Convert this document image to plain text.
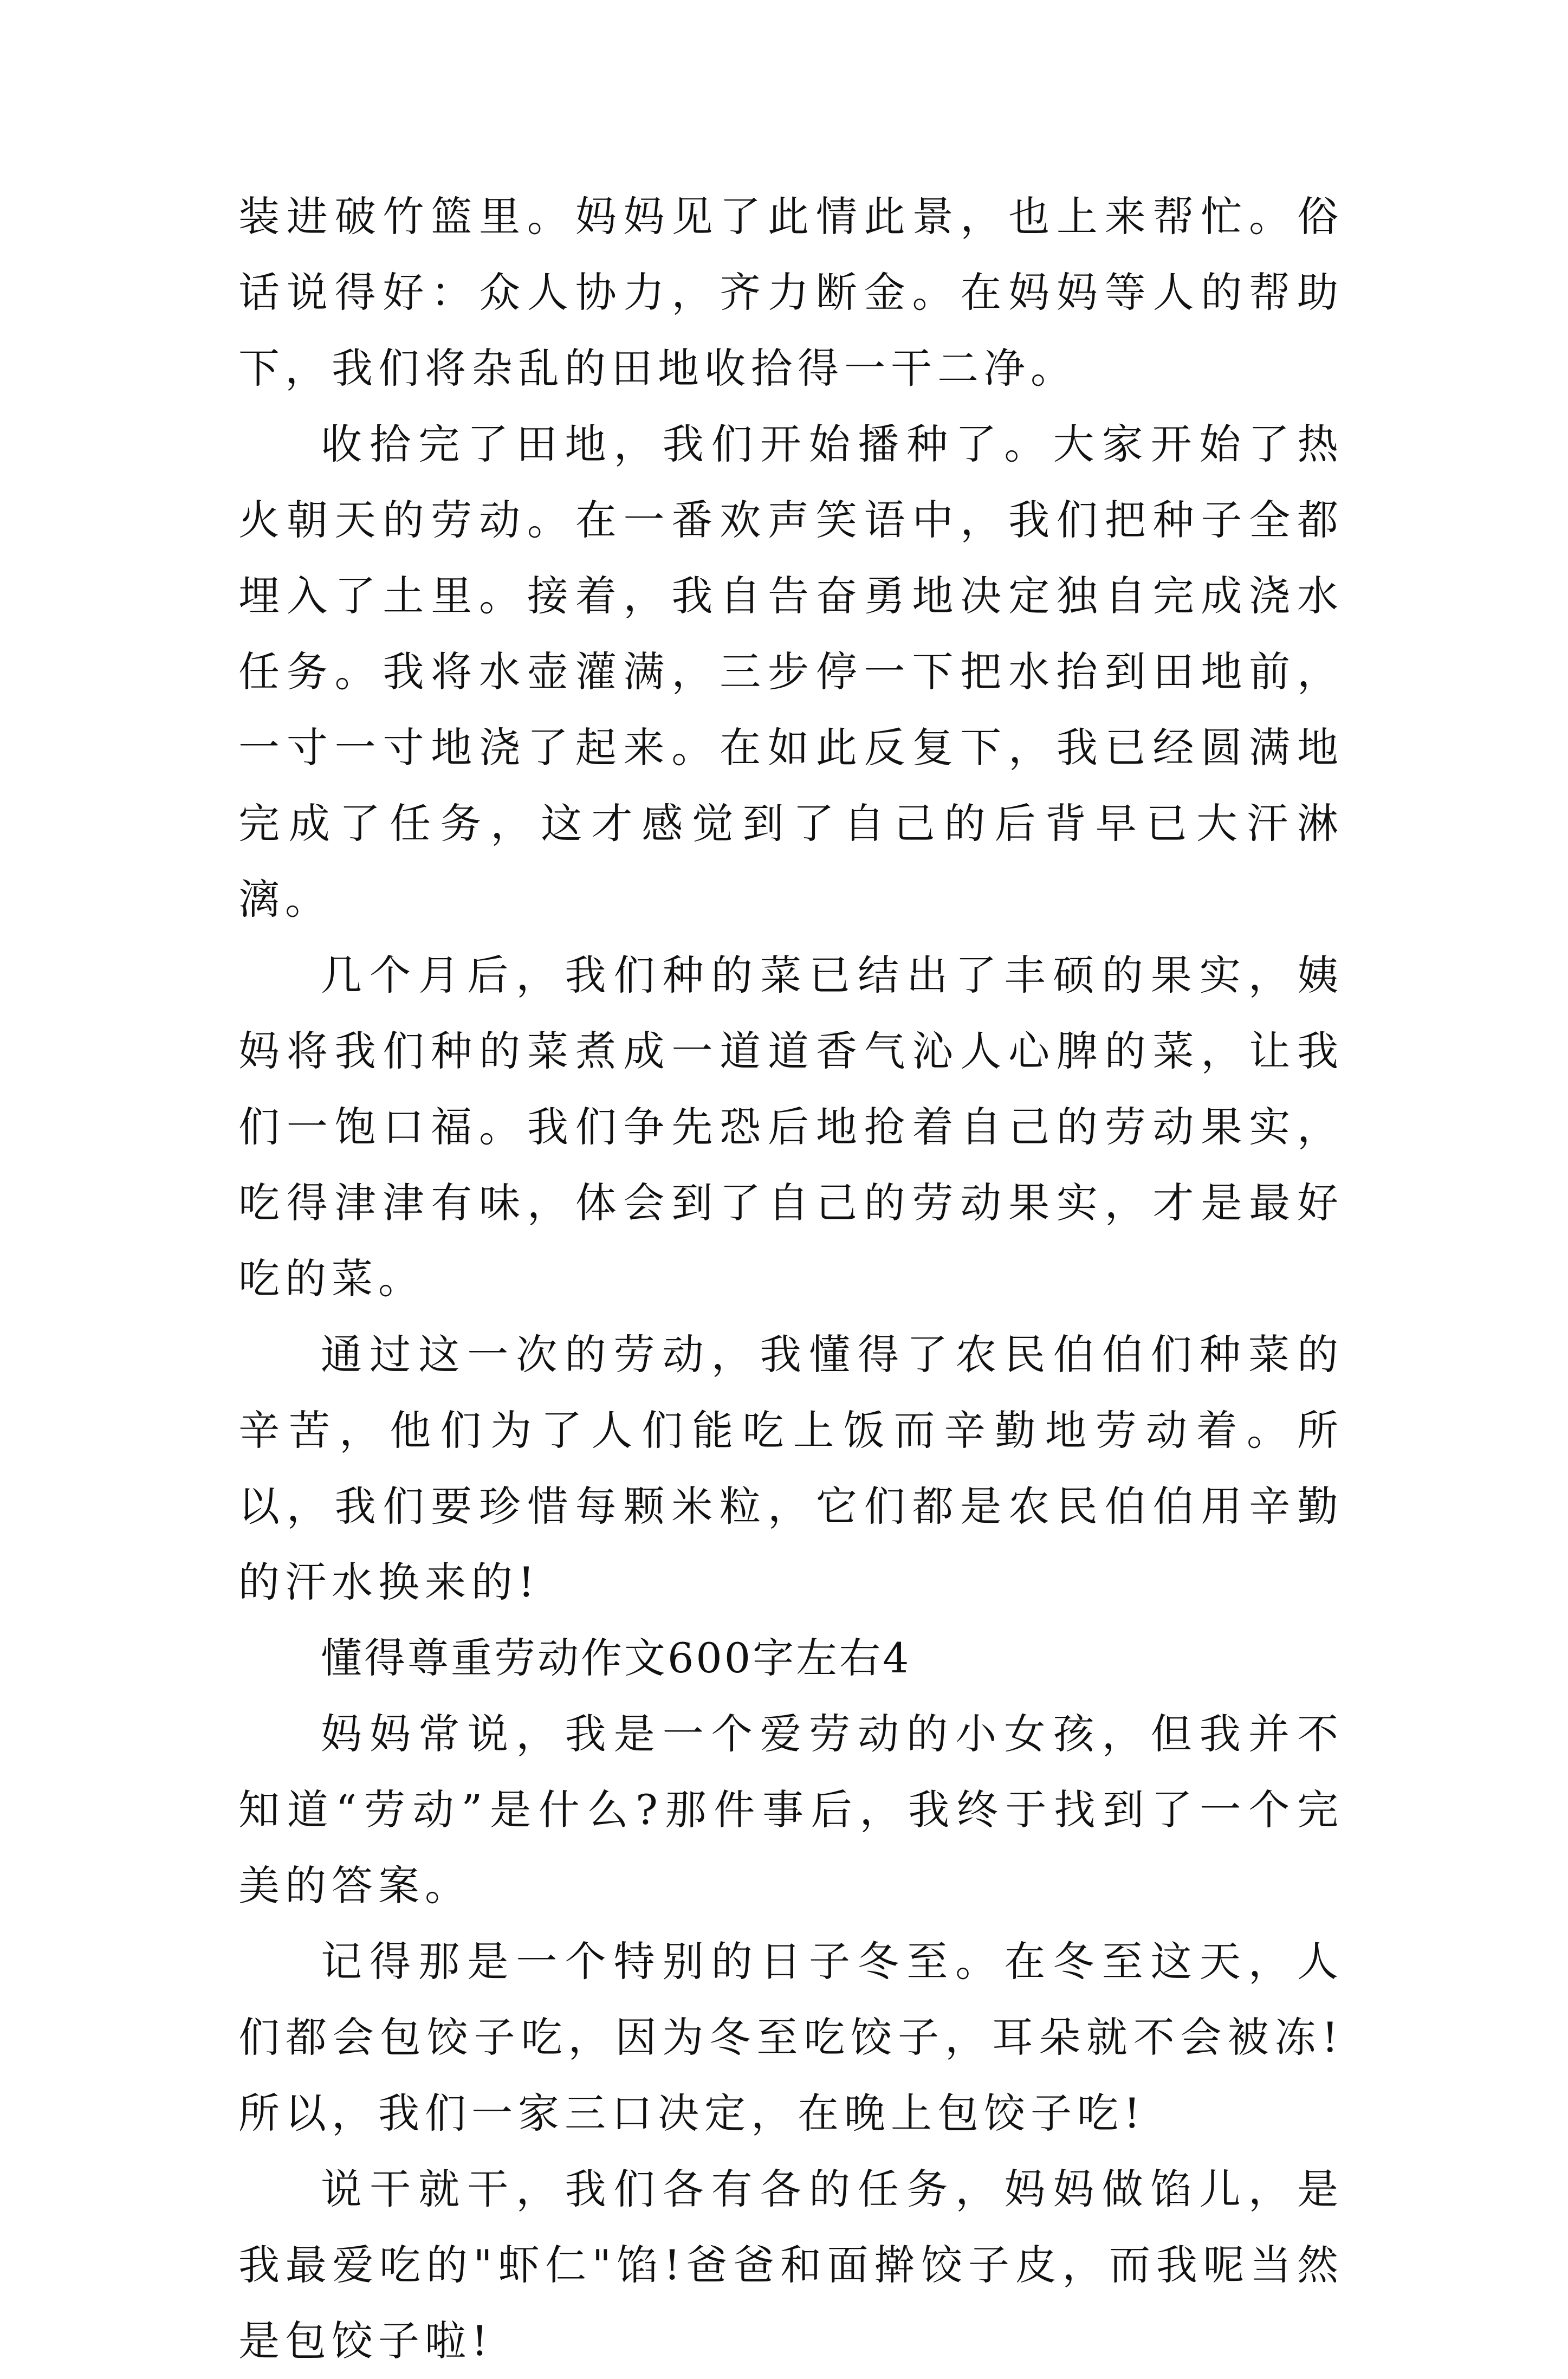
装进破竹篮里。妈妈见了此情此景，也上来帮忙。俗话说得好：众人协力，齐力断金。在妈妈等人的帮助下，我们将杂乱的田地收拾得一干二净。

收拾完了田地，我们开始播种了。大家开始了热火朝天的劳动。在一番欢声笑语中，我们把种子全都埋入了土里。接着，我自告奋勇地决定独自完成浇水任务。我将水壶灌满，三步停一下把水抬到田地前，一寸一寸地浇了起来。在如此反复下，我已经圆满地完成了任务，这才感觉到了自己的后背早已大汗淋漓。

几个月后，我们种的菜已结出了丰硕的果实，姨妈将我们种的菜煮成一道道香气沁人心脾的菜，让我们一饱口福。我们争先恐后地抢着自己的劳动果实，吃得津津有味，体会到了自己的劳动果实，才是最好吃的菜。

通过这一次的劳动，我懂得了农民伯伯们种菜的辛苦，他们为了人们能吃上饭而辛勤地劳动着。所以，我们要珍惜每颗米粒，它们都是农民伯伯用辛勤的汗水换来的!

懂得尊重劳动作文600字左右4

妈妈常说，我是一个爱劳动的小女孩，但我并不知道“劳动”是什么?那件事后，我终于找到了一个完美的答案。

记得那是一个特别的日子冬至。在冬至这天，人们都会包饺子吃，因为冬至吃饺子，耳朵就不会被冻!所以，我们一家三口决定，在晚上包饺子吃!

说干就干，我们各有各的任务，妈妈做馅儿，是我最爱吃的"虾仁"馅!爸爸和面擀饺子皮，而我呢当然是包饺子啦!
